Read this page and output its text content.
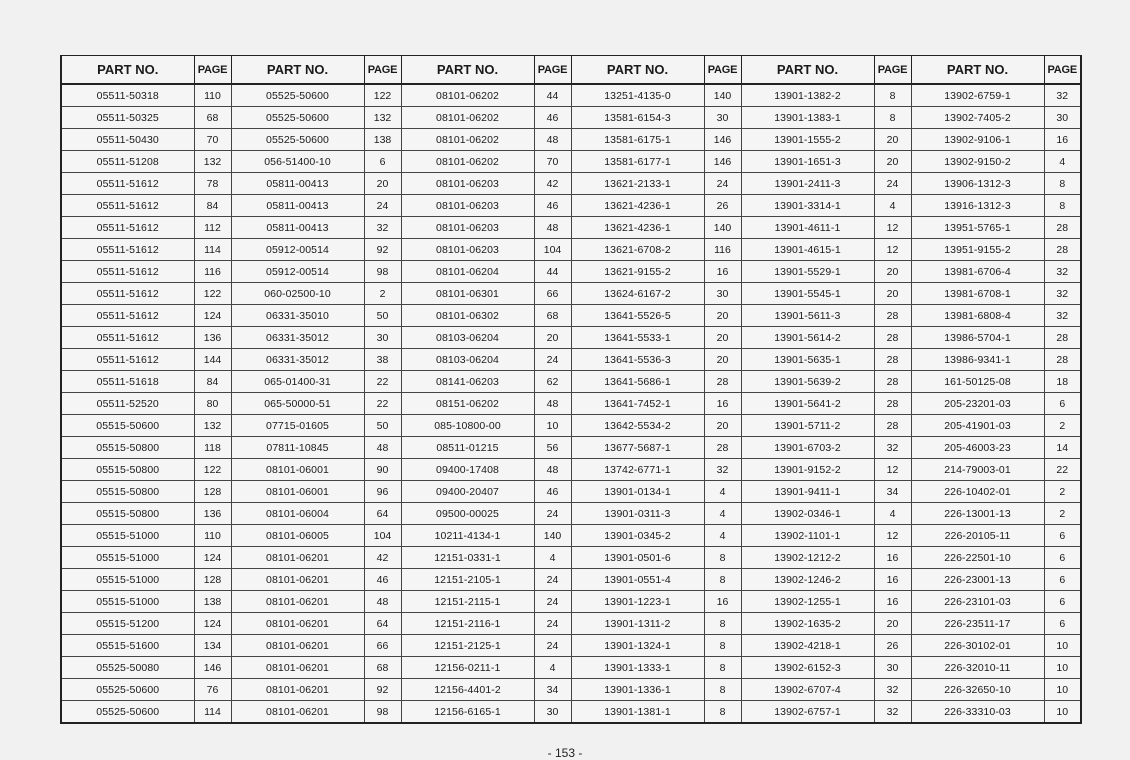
PART NO.	PAGE	PART NO.	PAGE	PART NO.	PAGE	PART NO.	PAGE	PART NO.	PAGE	PART NO.	PAGE
05511-50318	110	05525-50600	122	08101-06202	44	13251-4135-0	140	13901-1382-2	8	13902-6759-1	32
05511-50325	68	05525-50600	132	08101-06202	46	13581-6154-3	30	13901-1383-1	8	13902-7405-2	30
05511-50430	70	05525-50600	138	08101-06202	48	13581-6175-1	146	13901-1555-2	20	13902-9106-1	16
05511-51208	132	056-51400-10	6	08101-06202	70	13581-6177-1	146	13901-1651-3	20	13902-9150-2	4
05511-51612	78	05811-00413	20	08101-06203	42	13621-2133-1	24	13901-2411-3	24	13906-1312-3	8
05511-51612	84	05811-00413	24	08101-06203	46	13621-4236-1	26	13901-3314-1	4	13916-1312-3	8
05511-51612	112	05811-00413	32	08101-06203	48	13621-4236-1	140	13901-4611-1	12	13951-5765-1	28
05511-51612	114	05912-00514	92	08101-06203	104	13621-6708-2	116	13901-4615-1	12	13951-9155-2	28
05511-51612	116	05912-00514	98	08101-06204	44	13621-9155-2	16	13901-5529-1	20	13981-6706-4	32
05511-51612	122	060-02500-10	2	08101-06301	66	13624-6167-2	30	13901-5545-1	20	13981-6708-1	32
05511-51612	124	06331-35010	50	08101-06302	68	13641-5526-5	20	13901-5611-3	28	13981-6808-4	32
05511-51612	136	06331-35012	30	08103-06204	20	13641-5533-1	20	13901-5614-2	28	13986-5704-1	28
05511-51612	144	06331-35012	38	08103-06204	24	13641-5536-3	20	13901-5635-1	28	13986-9341-1	28
05511-51618	84	065-01400-31	22	08141-06203	62	13641-5686-1	28	13901-5639-2	28	161-50125-08	18
05511-52520	80	065-50000-51	22	08151-06202	48	13641-7452-1	16	13901-5641-2	28	205-23201-03	6
05515-50600	132	07715-01605	50	085-10800-00	10	13642-5534-2	20	13901-5711-2	28	205-41901-03	2
05515-50800	118	07811-10845	48	08511-01215	56	13677-5687-1	28	13901-6703-2	32	205-46003-23	14
05515-50800	122	08101-06001	90	09400-17408	48	13742-6771-1	32	13901-9152-2	12	214-79003-01	22
05515-50800	128	08101-06001	96	09400-20407	46	13901-0134-1	4	13901-9411-1	34	226-10402-01	2
05515-50800	136	08101-06004	64	09500-00025	24	13901-0311-3	4	13902-0346-1	4	226-13001-13	2
05515-51000	110	08101-06005	104	10211-4134-1	140	13901-0345-2	4	13902-1101-1	12	226-20105-11	6
05515-51000	124	08101-06201	42	12151-0331-1	4	13901-0501-6	8	13902-1212-2	16	226-22501-10	6
05515-51000	128	08101-06201	46	12151-2105-1	24	13901-0551-4	8	13902-1246-2	16	226-23001-13	6
05515-51000	138	08101-06201	48	12151-2115-1	24	13901-1223-1	16	13902-1255-1	16	226-23101-03	6
05515-51200	124	08101-06201	64	12151-2116-1	24	13901-1311-2	8	13902-1635-2	20	226-23511-17	6
05515-51600	134	08101-06201	66	12151-2125-1	24	13901-1324-1	8	13902-4218-1	26	226-30102-01	10
05525-50080	146	08101-06201	68	12156-0211-1	4	13901-1333-1	8	13902-6152-3	30	226-32010-11	10
05525-50600	76	08101-06201	92	12156-4401-2	34	13901-1336-1	8	13902-6707-4	32	226-32650-10	10
05525-50600	114	08101-06201	98	12156-6165-1	30	13901-1381-1	8	13902-6757-1	32	226-33310-03	10
- 153 -
